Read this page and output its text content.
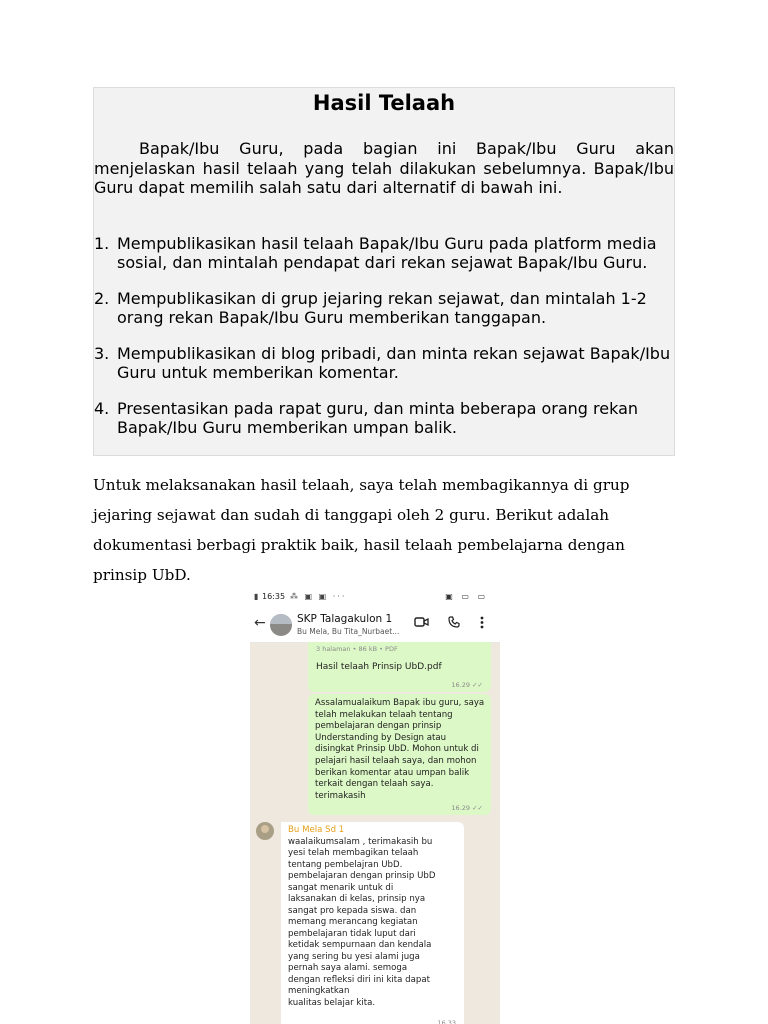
Hasil Telaah

Bapak/Ibu Guru, pada bagian ini Bapak/Ibu Guru akan menjelaskan hasil telaah yang telah dilakukan sebelumnya. Bapak/Ibu Guru dapat memilih salah satu dari alternatif di bawah ini.

1. Mempublikasikan hasil telaah Bapak/Ibu Guru pada platform media sosial, dan mintalah pendapat dari rekan sejawat Bapak/Ibu Guru.
2. Mempublikasikan di grup jejaring rekan sejawat, dan mintalah 1-2 orang rekan Bapak/Ibu Guru memberikan tanggapan.
3. Mempublikasikan di blog pribadi, dan minta rekan sejawat Bapak/Ibu Guru untuk memberikan komentar.
4. Presentasikan pada rapat guru, dan minta beberapa orang rekan Bapak/Ibu Guru memberikan umpan balik.

Untuk melaksanakan hasil telaah, saya telah membagikannya di grup jejaring sejawat dan sudah di tanggapi oleh 2 guru. Berikut adalah dokumentasi berbagi praktik baik, hasil telaah pembelajarna dengan prinsip UbD.

▮ 16:35 ⁂ ▣ ▣ ···	▣ ▭ ▭
←	SKP Talagakulon 1
Bu Mela, Bu Tita_Nurbaet...
3 halaman • 86 kB • PDF
Hasil telaah Prinsip UbD.pdf
16.29 ✓✓
Assalamualaikum Bapak ibu guru, saya
telah melakukan telaah tentang
pembelajaran dengan prinsip
Understanding by Design atau
disingkat Prinsip UbD. Mohon untuk di
pelajari hasil telaah saya, dan mohon
berikan komentar atau umpan balik
terkait dengan telaah saya.
terimakasih
16.29 ✓✓
Bu Mela Sd 1
waalaikumsalam , terimakasih bu
yesi telah membagikan telaah
tentang pembelajran UbD.
pembelajaran dengan prinsip UbD
sangat menarik untuk di
laksanakan di kelas, prinsip nya
sangat pro kepada siswa. dan
memang merancang kegiatan
pembelajaran tidak luput dari
ketidak sempurnaan dan kendala
yang sering bu yesi alami juga
pernah saya alami. semoga
dengan refleksi diri ini kita dapat
meningkatkan
kualitas belajar kita.
16.33
